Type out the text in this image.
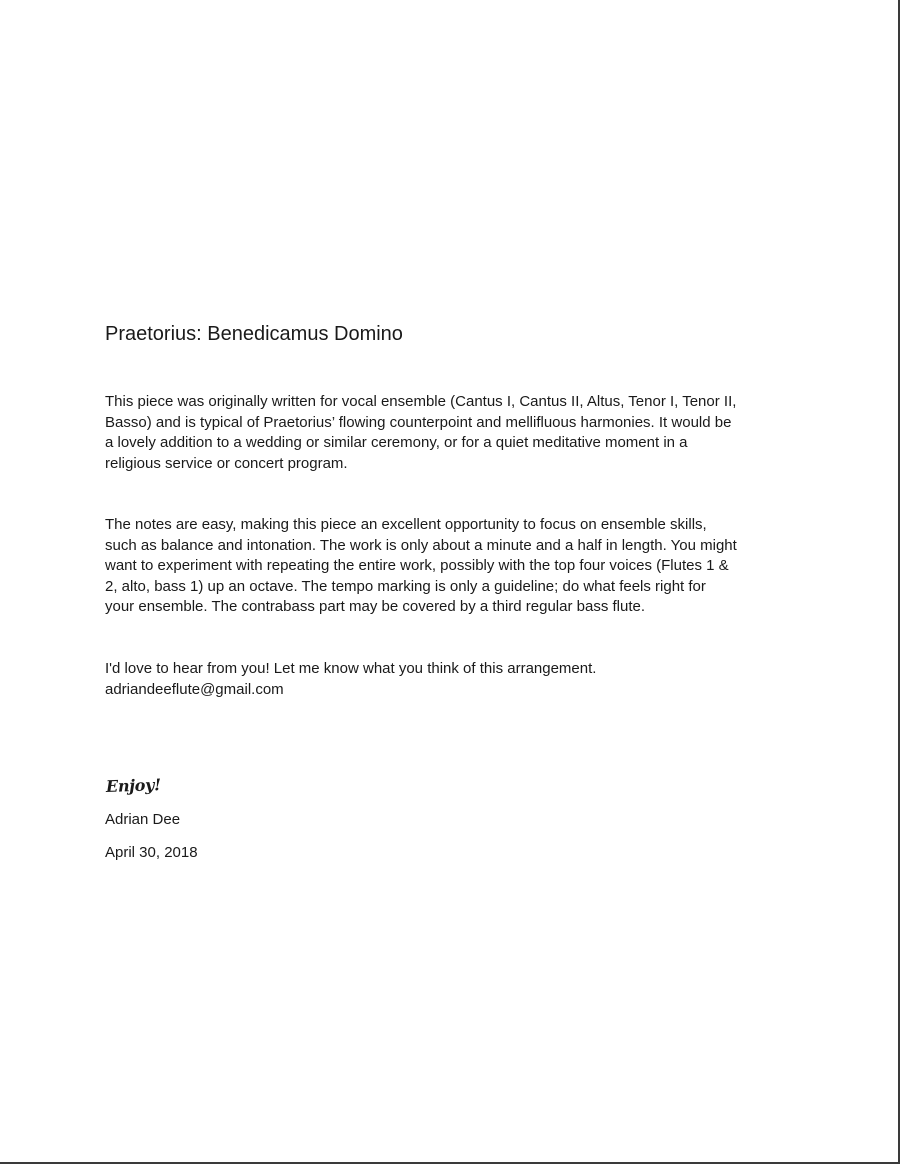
Praetorius: Benedicamus Domino

This piece was originally written for vocal ensemble (Cantus I, Cantus II, Altus, Tenor I, Tenor II,
Basso) and is typical of Praetorius’ flowing counterpoint and mellifluous harmonies. It would be
a lovely addition to a wedding or similar ceremony, or for a quiet meditative moment in a
religious service or concert program.

The notes are easy, making this piece an excellent opportunity to focus on ensemble skills,
such as balance and intonation. The work is only about a minute and a half in length. You might
want to experiment with repeating the entire work, possibly with the top four voices (Flutes 1 &
2, alto, bass 1) up an octave. The tempo marking is only a guideline; do what feels right for
your ensemble. The contrabass part may be covered by a third regular bass flute.

I'd love to hear from you! Let me know what you think of this arrangement.
adriandeeflute@gmail.com

Enjoy!

Adrian Dee

April 30, 2018
